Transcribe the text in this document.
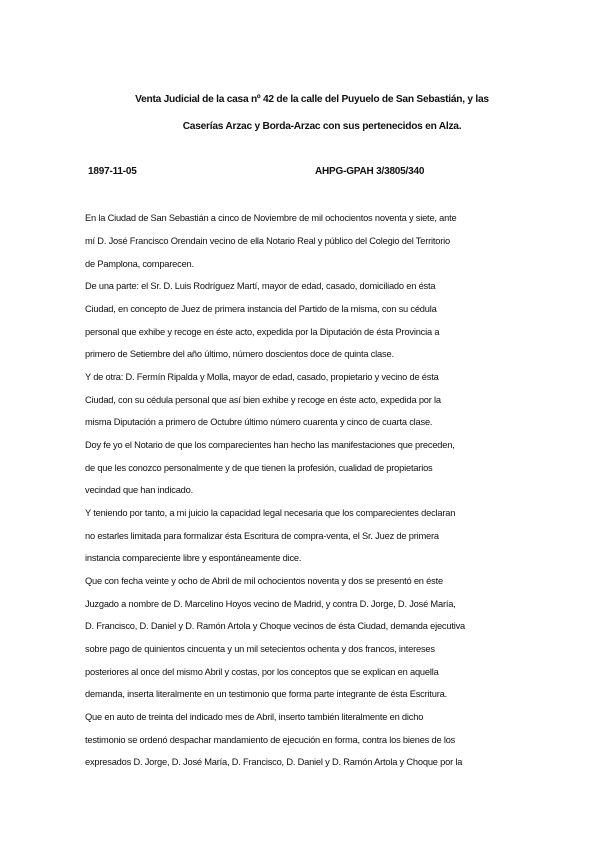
Venta Judicial de la casa nº 42 de la calle del Puyuelo de San Sebastián, y las
Caserías Arzac y Borda-Arzac con sus pertenecidos en Alza.
1897-11-05	AHPG-GPAH 3/3805/340
En la Ciudad de San Sebastián a cinco de Noviembre de mil ochocientos noventa y siete, ante
mí D. José Francisco Orendain vecino de ella Notario Real y público del Colegio del Territorio
de Pamplona, comparecen.
De una parte: el Sr. D. Luis Rodríguez Martí, mayor de edad, casado, domiciliado en ésta
Ciudad, en concepto de Juez de primera instancia del Partido de la misma, con su cédula
personal que exhibe y recoge en éste acto, expedida por la Diputación de ésta Provincia a
primero de Setiembre del año último, número doscientos doce de quinta clase.
Y de otra: D. Fermín Ripalda y Molla, mayor de edad, casado, propietario y vecino de ésta
Ciudad, con su cédula personal que así bien exhibe y recoge en éste acto, expedida por la
misma Diputación a primero de Octubre último número cuarenta y cinco de cuarta clase.
Doy fe yo el Notario de que los comparecientes han hecho las manifestaciones que preceden,
de que les conozco personalmente y de que tienen la profesión, cualidad de propietarios
vecindad que han indicado.
Y teniendo por tanto, a mi juicio la capacidad legal necesaria que los comparecientes declaran
no estarles limitada para formalizar ésta Escritura de compra-venta, el Sr. Juez de primera
instancia compareciente libre y espontáneamente dice.
Que con fecha veinte y ocho de Abril de mil ochocientos noventa y dos se presentó en éste
Juzgado a nombre de D. Marcelino Hoyos vecino de Madrid, y contra D. Jorge, D. José María,
D. Francisco, D. Daniel y D. Ramón Artola y Choque vecinos de ésta Ciudad, demanda ejecutiva
sobre pago de quinientos cincuenta y un mil setecientos ochenta y dos francos, intereses
posteriores al once del mismo Abril y costas, por los conceptos que se explican en aquella
demanda, inserta literalmente en un testimonio que forma parte integrante de ésta Escritura.
Que en auto de treinta del indicado mes de Abril, inserto también literalmente en dicho
testimonio se ordenó despachar mandamiento de ejecución en forma, contra los bienes de los
expresados D. Jorge, D. José María, D. Francisco, D. Daniel y D. Ramón Artola y Choque por la
